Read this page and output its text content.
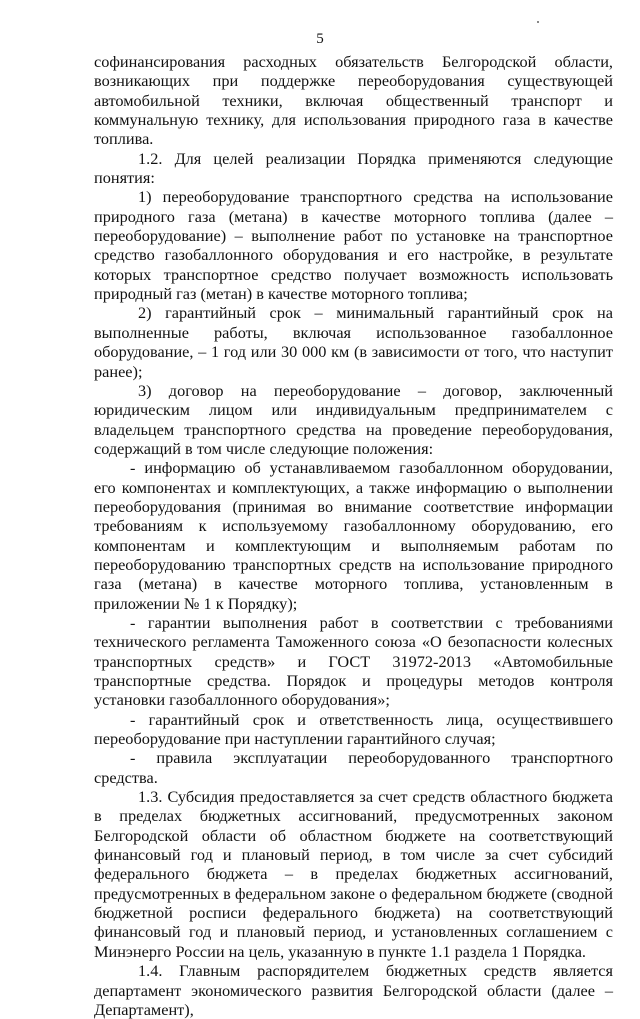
5

софинансирования расходных обязательств Белгородской области, возникающих при поддержке переоборудования существующей автомобильной техники, включая общественный транспорт и коммунальную технику, для использования природного газа в качестве топлива.

1.2. Для целей реализации Порядка применяются следующие понятия:

1) переоборудование транспортного средства на использование природного газа (метана) в качестве моторного топлива (далее – переоборудование) – выполнение работ по установке на транспортное средство газобаллонного оборудования и его настройке, в результате которых транспортное средство получает возможность использовать природный газ (метан) в качестве моторного топлива;

2) гарантийный срок – минимальный гарантийный срок на выполненные работы, включая использованное газобаллонное оборудование, – 1 год или 30 000 км (в зависимости от того, что наступит ранее);

3) договор на переоборудование – договор, заключенный юридическим лицом или индивидуальным предпринимателем с владельцем транспортного средства на проведение переоборудования, содержащий в том числе следующие положения:

- информацию об устанавливаемом газобаллонном оборудовании, его компонентах и комплектующих, а также информацию о выполнении переоборудования (принимая во внимание соответствие информации требованиям к используемому газобаллонному оборудованию, его компонентам и комплектующим и выполняемым работам по переоборудованию транспортных средств на использование природного газа (метана) в качестве моторного топлива, установленным в приложении № 1 к Порядку);

- гарантии выполнения работ в соответствии с требованиями технического регламента Таможенного союза «О безопасности колесных транспортных средств» и ГОСТ 31972-2013 «Автомобильные транспортные средства. Порядок и процедуры методов контроля установки газобаллонного оборудования»;

- гарантийный срок и ответственность лица, осуществившего переоборудование при наступлении гарантийного случая;

- правила эксплуатации переоборудованного транспортного средства.

1.3. Субсидия предоставляется за счет средств областного бюджета в пределах бюджетных ассигнований, предусмотренных законом Белгородской области об областном бюджете на соответствующий финансовый год и плановый период, в том числе за счет субсидий федерального бюджета – в пределах бюджетных ассигнований, предусмотренных в федеральном законе о федеральном бюджете (сводной бюджетной росписи федерального бюджета) на соответствующий финансовый год и плановый период, и установленных соглашением с Минэнерго России на цель, указанную в пункте 1.1 раздела 1 Порядка.

1.4. Главным распорядителем бюджетных средств является департамент экономического развития Белгородской области (далее – Департамент),
